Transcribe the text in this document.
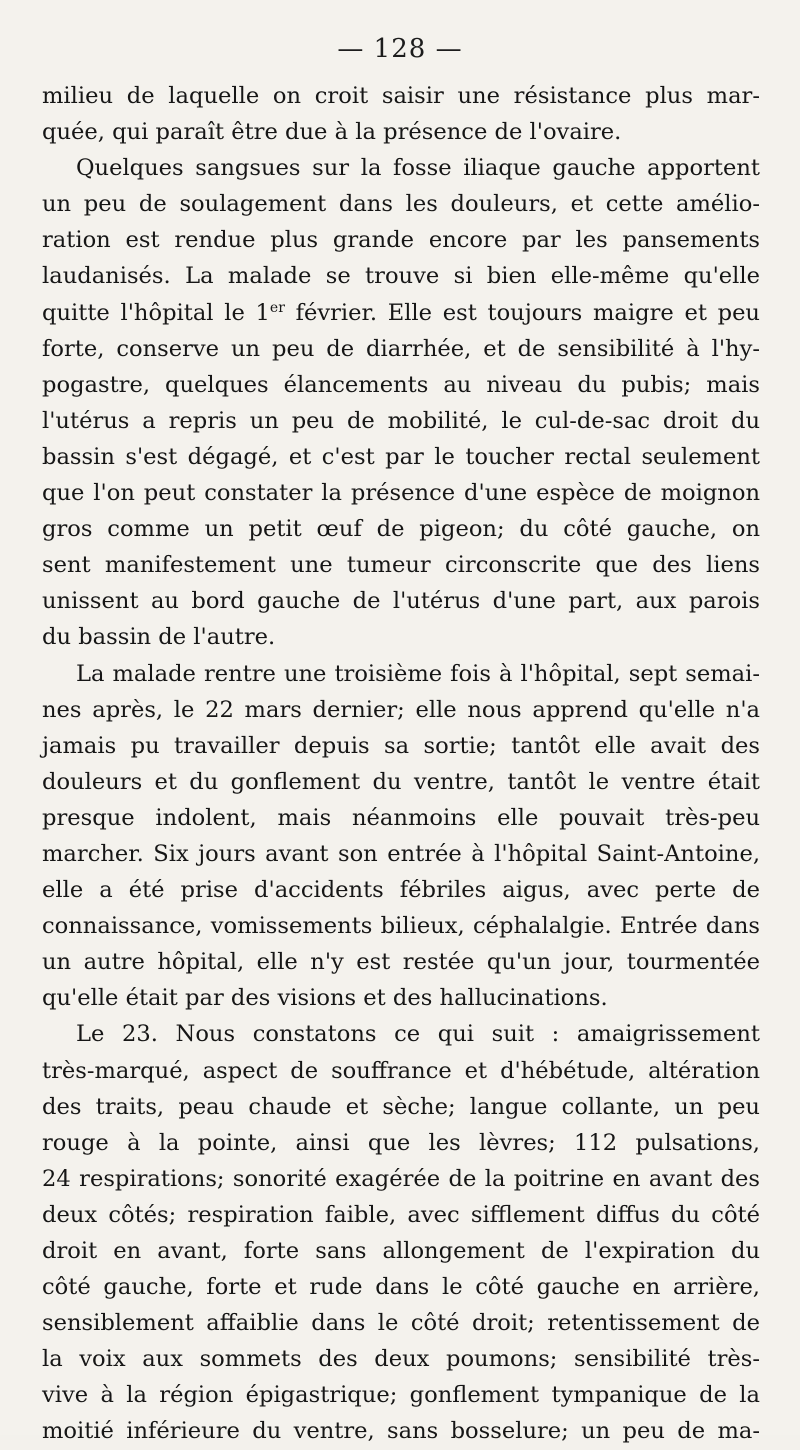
— 128 —
milieu de laquelle on croit saisir une résistance plus mar-
quée, qui paraît être due à la présence de l'ovaire.
Quelques sangsues sur la fosse iliaque gauche apportent
un peu de soulagement dans les douleurs, et cette amélio-
ration est rendue plus grande encore par les pansements
laudanisés. La malade se trouve si bien elle-même qu'elle
quitte l'hôpital le 1er février. Elle est toujours maigre et peu
forte, conserve un peu de diarrhée, et de sensibilité à l'hy-
pogastre, quelques élancements au niveau du pubis; mais
l'utérus a repris un peu de mobilité, le cul-de-sac droit du
bassin s'est dégagé, et c'est par le toucher rectal seulement
que l'on peut constater la présence d'une espèce de moignon
gros comme un petit œuf de pigeon; du côté gauche, on
sent manifestement une tumeur circonscrite que des liens
unissent au bord gauche de l'utérus d'une part, aux parois
du bassin de l'autre.
La malade rentre une troisième fois à l'hôpital, sept semai-
nes après, le 22 mars dernier; elle nous apprend qu'elle n'a
jamais pu travailler depuis sa sortie; tantôt elle avait des
douleurs et du gonflement du ventre, tantôt le ventre était
presque indolent, mais néanmoins elle pouvait très-peu
marcher. Six jours avant son entrée à l'hôpital Saint-Antoine,
elle a été prise d'accidents fébriles aigus, avec perte de
connaissance, vomissements bilieux, céphalalgie. Entrée dans
un autre hôpital, elle n'y est restée qu'un jour, tourmentée
qu'elle était par des visions et des hallucinations.
Le 23. Nous constatons ce qui suit : amaigrissement
très-marqué, aspect de souffrance et d'hébétude, altération
des traits, peau chaude et sèche; langue collante, un peu
rouge à la pointe, ainsi que les lèvres; 112 pulsations,
24 respirations; sonorité exagérée de la poitrine en avant des
deux côtés; respiration faible, avec sifflement diffus du côté
droit en avant, forte sans allongement de l'expiration du
côté gauche, forte et rude dans le côté gauche en arrière,
sensiblement affaiblie dans le côté droit; retentissement de
la voix aux sommets des deux poumons; sensibilité très-
vive à la région épigastrique; gonflement tympanique de la
moitié inférieure du ventre, sans bosselure; un peu de ma-
